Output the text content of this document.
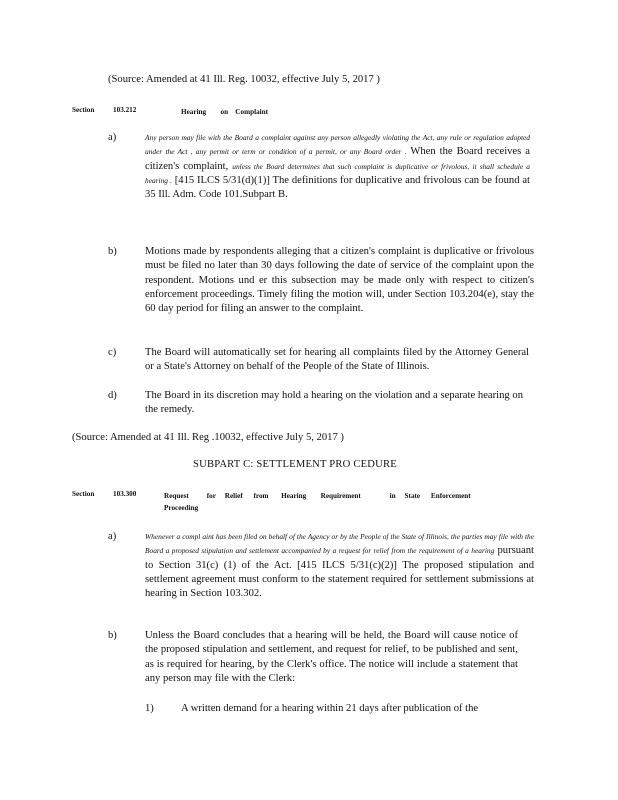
(Source: Amended at 41 Ill. Reg. 10032, effective July 5, 2017 )
Section	103.212	Hearing        on    Complaint
a)	Any person may file with the Board a complaint against any person allegedly violating the Act, any rule or regulation adopted under the Act , any permit or term or condition of a permit, or any Board order . When the Board receives a citizen's complaint, unless the Board determines that such complaint is duplicative or frivolous, it shall schedule a hearing . [415 ILCS 5/31(d)(1)] The definitions for duplicative and frivolous can be found at 35 Ill. Adm. Code 101.Subpart B.
b)	Motions made by respondents alleging that a citizen's complaint is duplicative or frivolous must be filed no later than 30 days following the date of service of the complaint upon the respondent. Motions und er this subsection may be made only with respect to citizen's enforcement proceedings. Timely filing the motion will, under Section 103.204(e), stay the 60 day period for filing an answer to the complaint.
c)	The Board will automatically set for hearing all complaints filed by the Attorney General or a State's Attorney on behalf of the People of the State of Illinois.
d)	The Board in its discretion may hold a hearing on the violation and a separate hearing on the remedy.
(Source: Amended at 41 Ill. Reg .10032, effective July 5, 2017 )
SUBPART C: SETTLEMENT PRO CEDURE
Section	103.300	Request          for     Relief      from       Hearing        Requirement                in     State      Enforcement
Proceeding
a)	Whenever a compl aint has been filed on behalf of the Agency or by the People of the State of Illinois, the parties may file with the Board a proposed stipulation and settlement accompanied by a request for relief from the requirement of a hearing pursuant to Section 31(c) (1) of the Act. [415 ILCS 5/31(c)(2)] The proposed stipulation and settlement agreement must conform to the statement required for settlement submissions at hearing in Section 103.302.
b)	Unless the Board concludes that a hearing will be held, the Board will cause notice of the proposed stipulation and settlement, and request for relief, to be published and sent, as is required for hearing, by the Clerk's office. The notice will include a statement that any person may file with the Clerk:
1)	A written demand for a hearing within 21 days after publication of the
